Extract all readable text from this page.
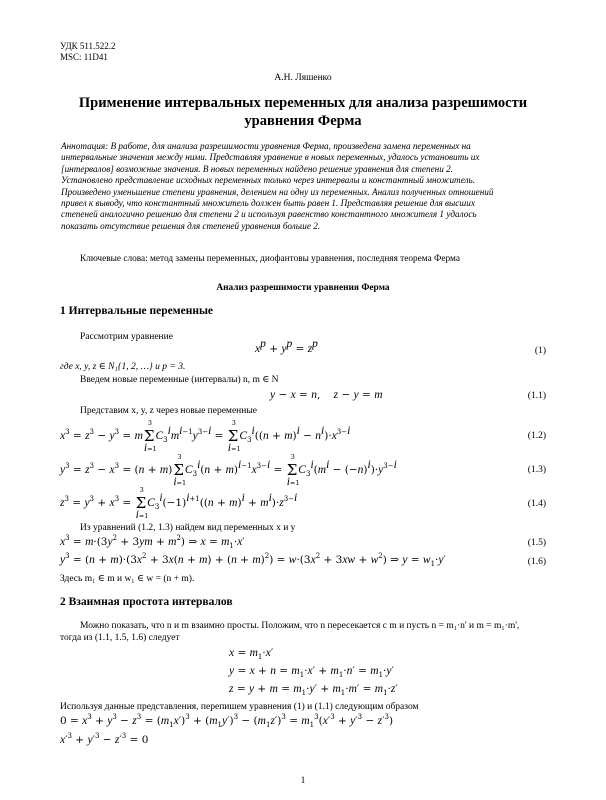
УДК 511.522.2
MSC: 11D41
А.Н. Ляшенко
Применение интервальных переменных для анализа разрешимости
уравнения Ферма
Аннотация: В работе, для анализа разрешимости уравнения Ферма, произведена замена переменных на
интервальные значения между ними. Представляя уравнение в новых переменных, удалось установить их
[интервалов] возможные значения. В новых переменных найдено решение уравнения для степени 2.
Установлено представление исходных переменных только через интервалы и константный множитель.
Произведено уменьшение степени уравнения, делением на одну из переменных. Анализ полученных отношений
привел к выводу, что константный множитель должен быть равен 1. Представляя решение для высших
степеней аналогично решению для степени 2 и используя равенство константного множителя 1 удалось
показать отсутствие решения для степеней уравнения больше 2.
Ключевые слова: метод замены переменных, диофантовы уравнения, последняя теорема Ферма
Анализ разрешимости уравнения Ферма
1 Интервальные переменные
Рассмотрим уравнение
$x^p + y^p = z^p$
(1)
где x, y, z ∈ N₁{1, 2, …} и p = 3.
Введем новые переменные (интервалы) n, m ∈ N
y − x = n,    z − y = m	(1.1)
Представим x, y, z через новые переменные
$x^3 = z^3 - y^3 = m\Sigma$
3
i=1
$C_3^im^{i-1}y^{3-i} = \Sigma$
3
i=1
$C_3^i((n + m)^i - n^i)\cdot x^{3-i}$	(1.2)
$y^3 = z^3 - x^3 = (n + m)\Sigma$
3
i=1
$C_3^i(n + m)^{i-1}x^{3-i} = \Sigma$
3
i=1
$C_3^i(m^i - (-n)^i)\cdot y^{3-i}$	(1.3)
$z^3 = y^3 + x^3 = \Sigma$
3
i=1
$C_3^i(-1)^{i+1}((n + m)^i + m^i)\cdot z^{3-i}$	(1.4)
Из уравнений (1.2, 1.3) найдем вид переменных x и y
$x^3 = m\cdot(3y^2 + 3ym + m^2)$ ⇒ $x = m_1\cdot x'$	(1.5)
$y^3 = (n + m)\cdot(3x^2 + 3x(n + m) + (n + m)^2) = w\cdot(3x^2 + 3xw + w^2)$ ⇒ $y = w_1\cdot y'$	(1.6)
Здесь m₁ ∈ m и w₁ ∈ w = (n + m).
2 Взаимная простота интервалов
Можно показать, что n и m взаимно просты. Положим, что n пересекается с m и пусть n = m₁·n' и m = m₁·m',
тогда из (1.1, 1.5, 1.6) следует
$x = m_1\cdot x'$
$y = x + n = m_1\cdot x' + m_1\cdot n' = m_1\cdot y'$
$z = y + m = m_1\cdot y' + m_1\cdot m' = m_1\cdot z'$
Используя данные представления, перепишем уравнения (1) и (1.1) следующим образом
$0 = x^3 + y^3 - z^3 = (m_1x')^3 + (m_1y')^3 - (m_1z')^3 = m_1^3(x'^3 + y'^3 - z'^3)$
$x'^3 + y'^3 - z'^3 = 0$
1
